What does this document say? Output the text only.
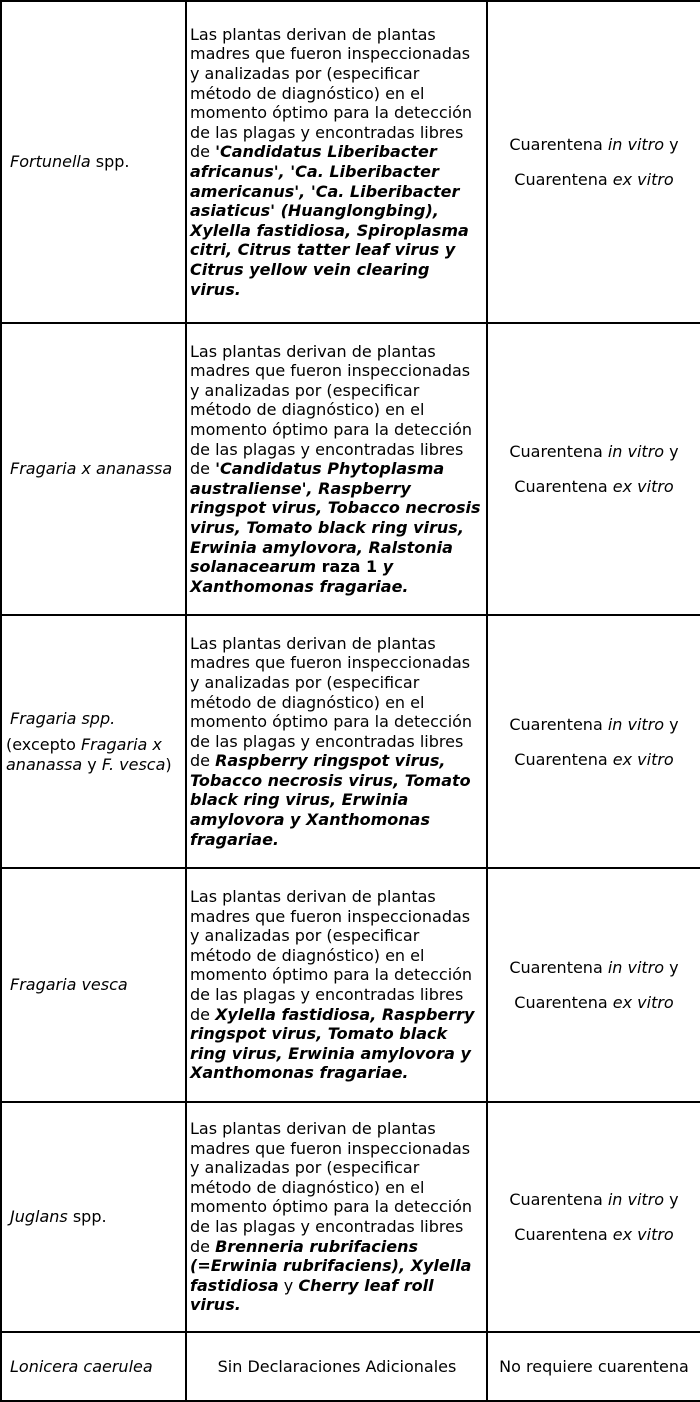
Fortunella spp.	Las plantas derivan de plantas madres que fueron inspeccionadas y analizadas por (especificar método de diagnóstico) en el momento óptimo para la detección de las plagas y encontradas libres de 'Candidatus Liberibacter africanus', 'Ca. Liberibacter americanus', 'Ca. Liberibacter asiaticus' (Huanglongbing), Xylella fastidiosa, Spiroplasma citri, Citrus tatter leaf virus y Citrus yellow vein clearing virus.	Cuarentena in vitro y
Cuarentena ex vitro
Fragaria x ananassa	Las plantas derivan de plantas madres que fueron inspeccionadas y analizadas por (especificar método de diagnóstico) en el momento óptimo para la detección de las plagas y encontradas libres de 'Candidatus Phytoplasma australiense', Raspberry ringspot virus, Tobacco necrosis virus, Tomato black ring virus, Erwinia amylovora, Ralstonia solanacearum raza 1 y Xanthomonas fragariae.	Cuarentena in vitro y
Cuarentena ex vitro
Fragaria spp.
(excepto Fragaria x ananassa y F. vesca)	Las plantas derivan de plantas madres que fueron inspeccionadas y analizadas por (especificar método de diagnóstico) en el momento óptimo para la detección de las plagas y encontradas libres de Raspberry ringspot virus, Tobacco necrosis virus, Tomato black ring virus, Erwinia amylovora y Xanthomonas fragariae.	Cuarentena in vitro y
Cuarentena ex vitro
Fragaria vesca	Las plantas derivan de plantas madres que fueron inspeccionadas y analizadas por (especificar método de diagnóstico) en el momento óptimo para la detección de las plagas y encontradas libres de Xylella fastidiosa, Raspberry ringspot virus, Tomato black ring virus, Erwinia amylovora y Xanthomonas fragariae.	Cuarentena in vitro y
Cuarentena ex vitro
Juglans spp.	Las plantas derivan de plantas madres que fueron inspeccionadas y analizadas por (especificar método de diagnóstico) en el momento óptimo para la detección de las plagas y encontradas libres de Brenneria rubrifaciens (=Erwinia rubrifaciens), Xylella fastidiosa y Cherry leaf roll virus.	Cuarentena in vitro y
Cuarentena ex vitro
Lonicera caerulea	Sin Declaraciones Adicionales	No requiere cuarentena
